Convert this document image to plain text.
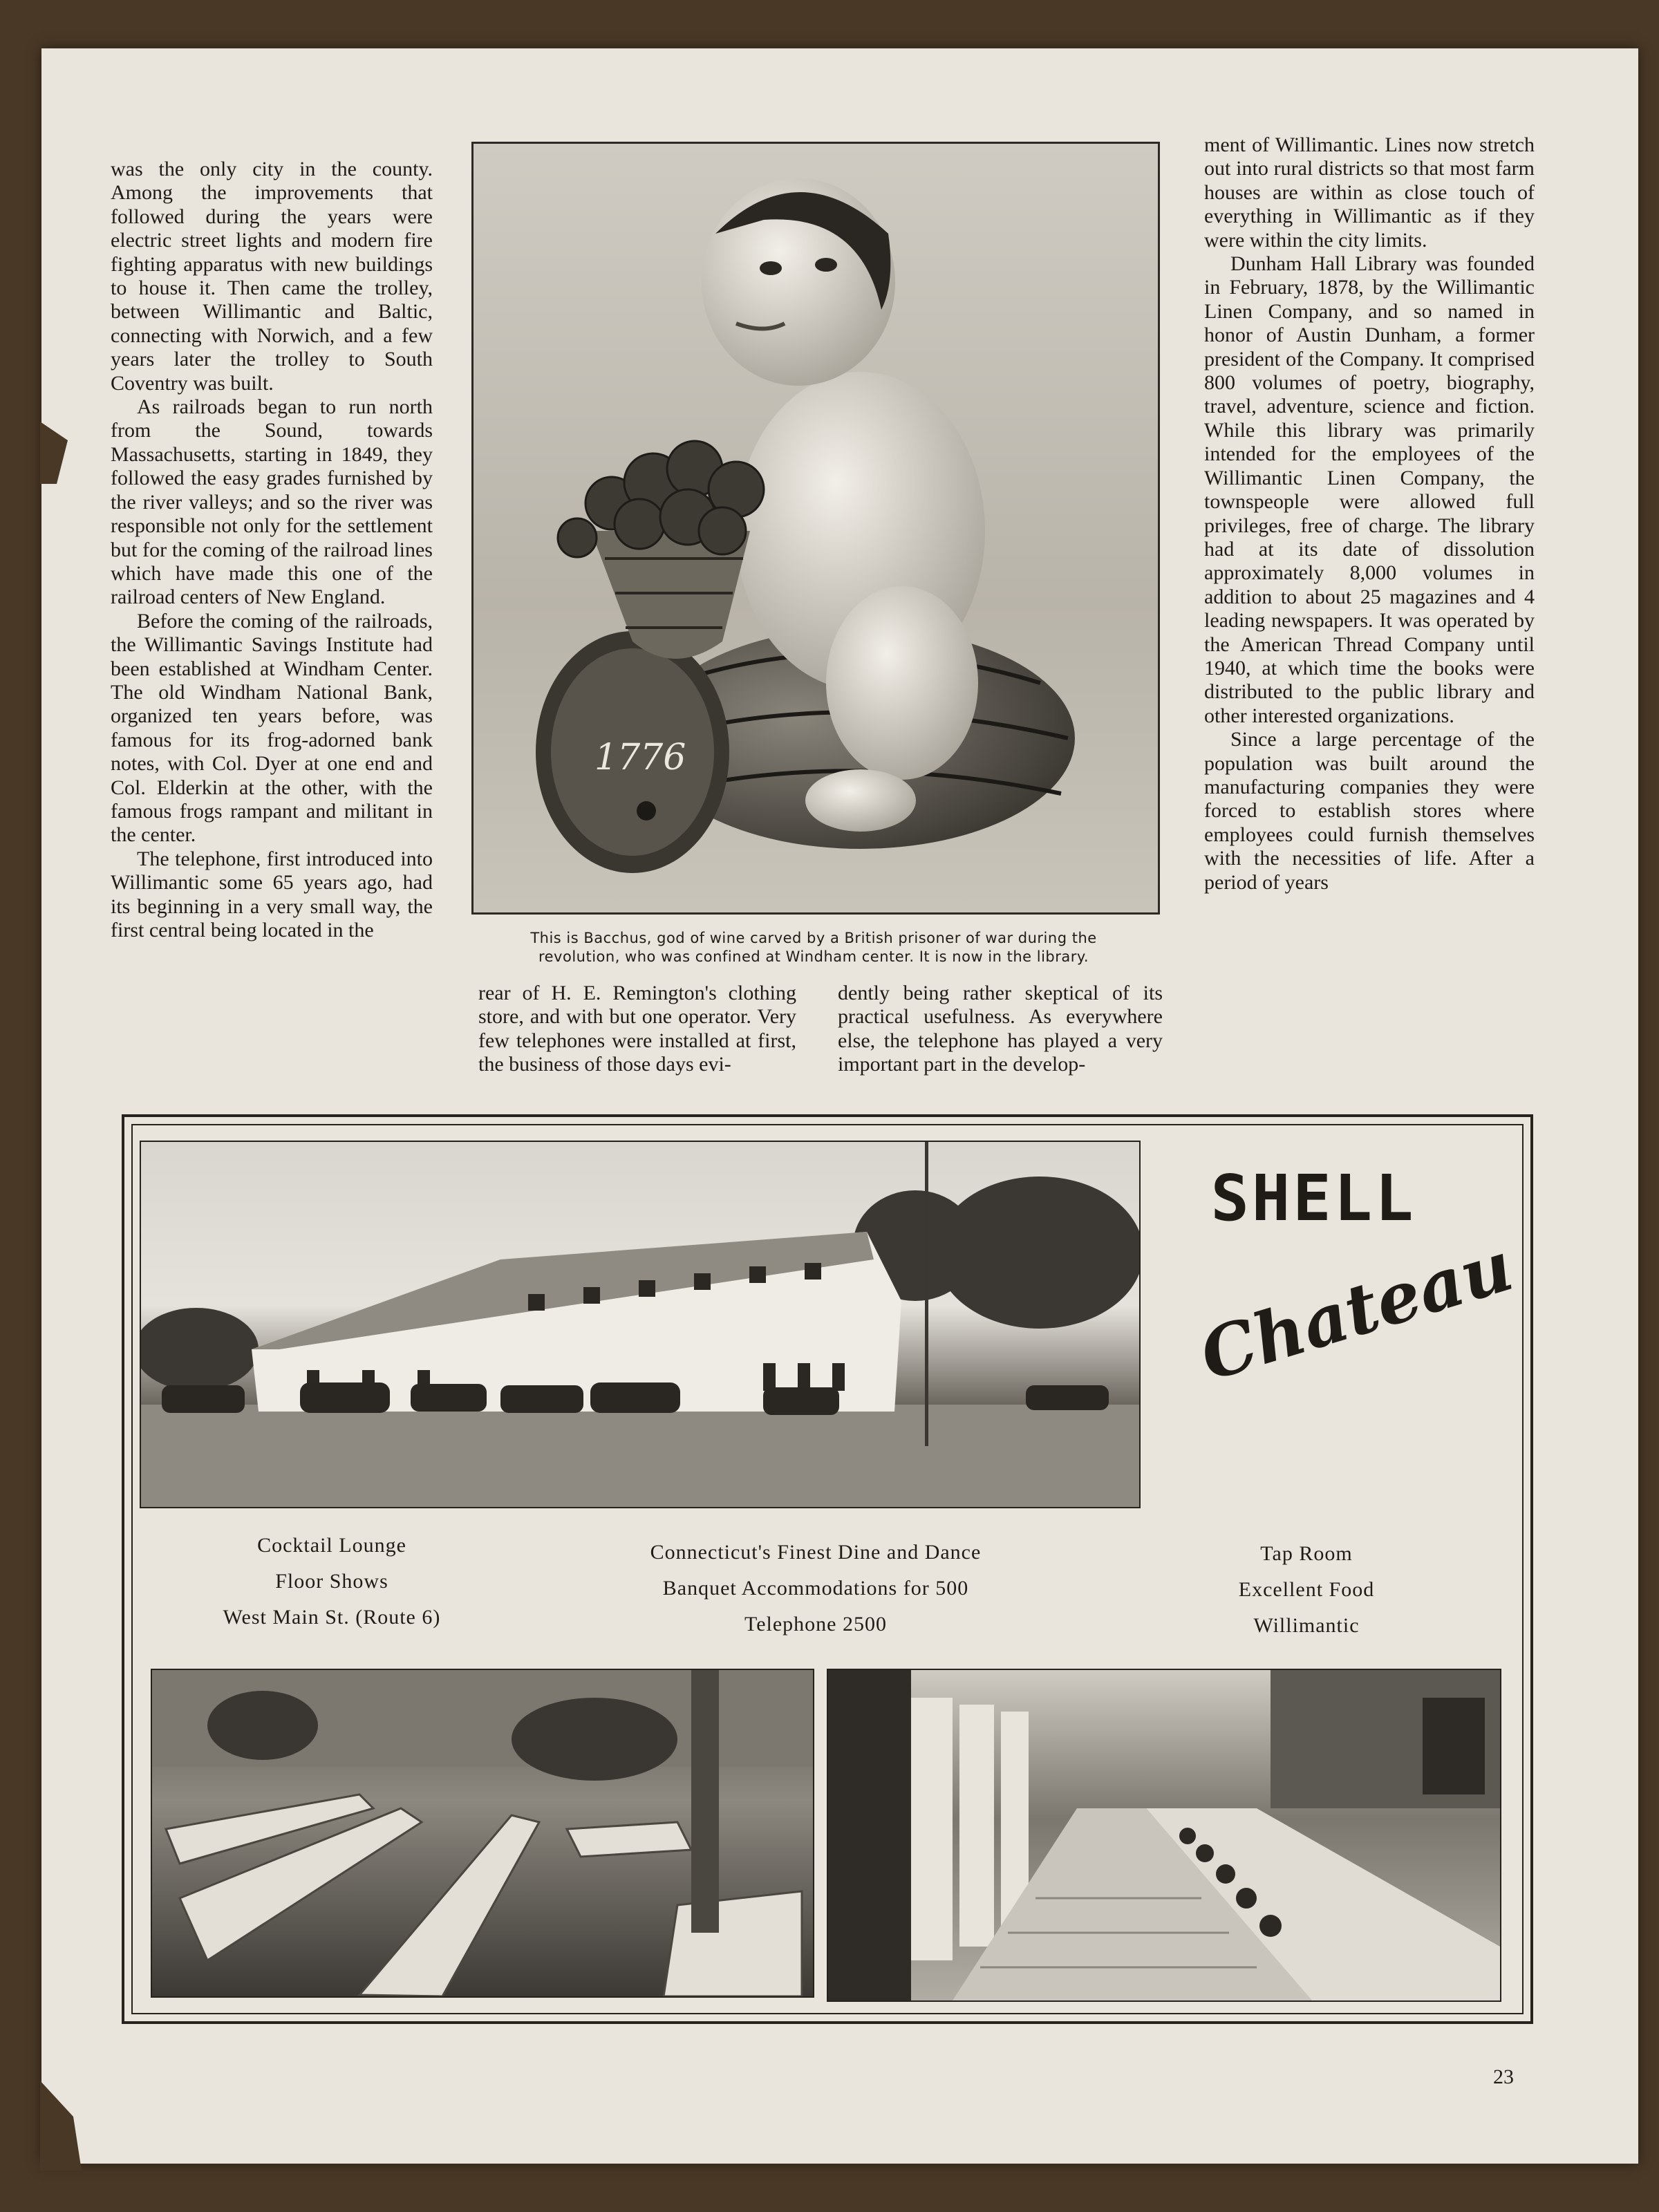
was the only city in the county. Among the improvements that followed during the years were electric street lights and modern fire fighting apparatus with new buildings to house it. Then came the trolley, between Willimantic and Baltic, connecting with Norwich, and a few years later the trolley to South Coventry was built.

As railroads began to run north from the Sound, towards Massachusetts, starting in 1849, they followed the easy grades furnished by the river valleys; and so the river was responsible not only for the settlement but for the coming of the railroad lines which have made this one of the railroad centers of New England.

Before the coming of the railroads, the Willimantic Savings Institute had been established at Windham Center. The old Windham National Bank, organized ten years before, was famous for its frog-adorned bank notes, with Col. Dyer at one end and Col. Elderkin at the other, with the famous frogs rampant and militant in the center.

The telephone, first introduced into Willimantic some 65 years ago, had its beginning in a very small way, the first central being located in the

1776
This is Bacchus, god of wine carved by a British prisoner of war during the
revolution, who was confined at Windham center. It is now in the library.

rear of H. E. Remington's clothing store, and with but one operator. Very few telephones were installed at first, the business of those days evi-

dently being rather skeptical of its practical usefulness. As everywhere else, the telephone has played a very important part in the develop-

ment of Willimantic. Lines now stretch out into rural districts so that most farm houses are within as close touch of everything in Willimantic as if they were within the city limits.

Dunham Hall Library was founded in February, 1878, by the Willimantic Linen Company, and so named in honor of Austin Dunham, a former president of the Company. It comprised 800 volumes of poetry, biography, travel, adventure, science and fiction. While this library was primarily intended for the employees of the Willimantic Linen Company, the townspeople were allowed full privileges, free of charge. The library had at its date of dissolution approximately 8,000 volumes in addition to about 25 magazines and 4 leading newspapers. It was operated by the American Thread Company until 1940, at which time the books were distributed to the public library and other interested organizations.

Since a large percentage of the population was built around the manufacturing companies they were forced to establish stores where employees could furnish themselves with the necessities of life. After a period of years

SHELL
Chateau
Cocktail Lounge
Floor Shows
West Main St. (Route 6)
Connecticut's Finest Dine and Dance
Banquet Accommodations for 500
Telephone 2500
Tap Room
Excellent Food
Willimantic
23
